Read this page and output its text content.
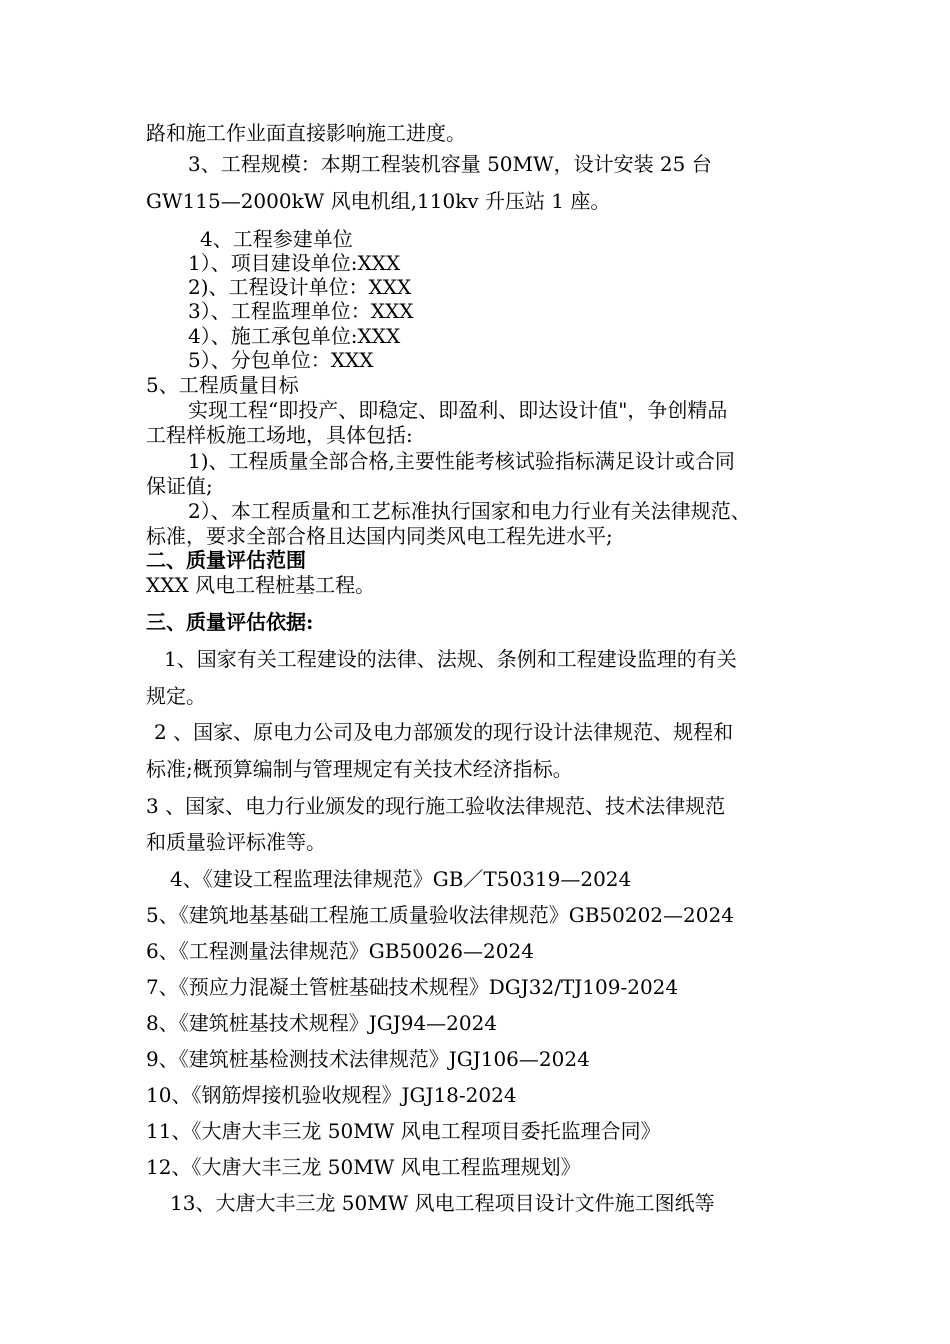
路和施工作业面直接影响施工进度。
3、工程规模：本期工程装机容量 50MW，设计安装 25 台
GW115—2000kW 风电机组,110kv 升压站 1 座。
4、工程参建单位
1）、项目建设单位:XXX
2)、工程设计单位：XXX
3）、工程监理单位：XXX
4）、施工承包单位:XXX
5）、分包单位：XXX
5、工程质量目标
实现工程“即投产、即稳定、即盈利、即达设计值"，争创精品
工程样板施工场地，具体包括:
1)、工程质量全部合格,主要性能考核试验指标满足设计或合同
保证值;
2）、本工程质量和工艺标准执行国家和电力行业有关法律规范、
标准，要求全部合格且达国内同类风电工程先进水平;
二、质量评估范围
XXX 风电工程桩基工程。
三、质量评估依据:
1、国家有关工程建设的法律、法规、条例和工程建设监理的有关
规定。
2 、国家、原电力公司及电力部颁发的现行设计法律规范、规程和
标准;概预算编制与管理规定有关技术经济指标。
3 、国家、电力行业颁发的现行施工验收法律规范、技术法律规范
和质量验评标准等。
4、《建设工程监理法律规范》GB／T50319—2024
5、《建筑地基基础工程施工质量验收法律规范》GB50202—2024
6、《工程测量法律规范》GB50026—2024
7、《预应力混凝土管桩基础技术规程》DGJ32/TJ109-2024
8、《建筑桩基技术规程》JGJ94—2024
9、《建筑桩基检测技术法律规范》JGJ106—2024
10、《钢筋焊接机验收规程》JGJ18-2024
11、《大唐大丰三龙 50MW 风电工程项目委托监理合同》
12、《大唐大丰三龙 50MW 风电工程监理规划》
13、大唐大丰三龙 50MW 风电工程项目设计文件施工图纸等
